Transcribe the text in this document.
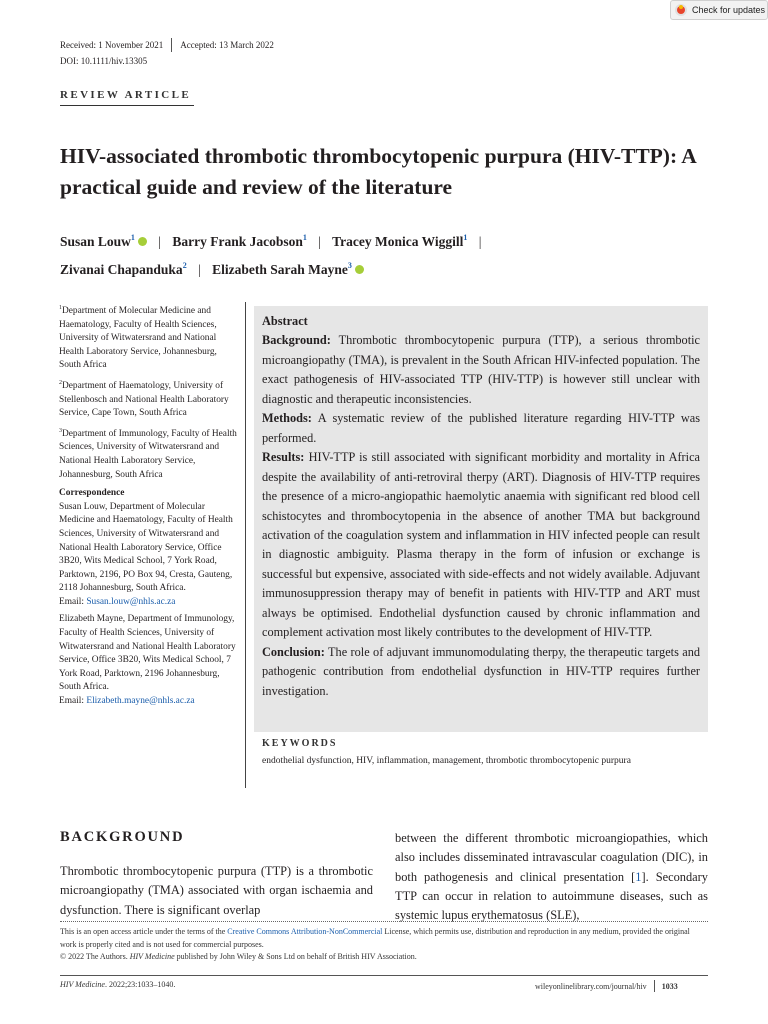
Check for updates
Received: 1 November 2021 Accepted: 13 March 2022
DOI: 10.1111/hiv.13305
REVIEW ARTICLE
HIV-associated thrombotic thrombocytopenic purpura (HIV-TTP): A practical guide and review of the literature
Susan Louw$^1$ | Barry Frank Jacobson$^1$ | Tracey Monica Wiggill$^1$ |
Zivanai Chapanduka$^2$ | Elizabeth Sarah Mayne$^3$
$^1$Department of Molecular Medicine and Haematology, Faculty of Health Sciences, University of Witwatersrand and National Health Laboratory Service, Johannesburg, South Africa
$^2$Department of Haematology, University of Stellenbosch and National Health Laboratory Service, Cape Town, South Africa
$^3$Department of Immunology, Faculty of Health Sciences, University of Witwatersrand and National Health Laboratory Service, Johannesburg, South Africa
Correspondence
Susan Louw, Department of Molecular Medicine and Haematology, Faculty of Health Sciences, University of Witwatersrand and National Health Laboratory Service, Office 3B20, Wits Medical School, 7 York Road, Parktown, 2196, PO Box 94, Cresta, Gauteng, 2118 Johannesburg, South Africa.
Email: Susan.louw@nhls.ac.za
Elizabeth Mayne, Department of Immunology, Faculty of Health Sciences, University of Witwatersrand and National Health Laboratory Service, Office 3B20, Wits Medical School, 7 York Road, Parktown, 2196 Johannesburg, South Africa.
Email: Elizabeth.mayne@nhls.ac.za
Abstract
Background: Thrombotic thrombocytopenic purpura (TTP), a serious thrombotic microangiopathy (TMA), is prevalent in the South African HIV-infected population. The exact pathogenesis of HIV-associated TTP (HIV-TTP) is however still unclear with diagnostic and therapeutic inconsistencies.
Methods: A systematic review of the published literature regarding HIV-TTP was performed.
Results: HIV-TTP is still associated with significant morbidity and mortality in Africa despite the availability of anti-retroviral therpy (ART). Diagnosis of HIV-TTP requires the presence of a micro-angiopathic haemolytic anaemia with significant red blood cell schistocytes and thrombocytopenia in the absence of another TMA but background activation of the coagulation system and inflammation in HIV infected people can result in diagnostic ambiguity. Plasma therapy in the form of infusion or exchange is successful but expensive, associated with side-effects and not widely available. Adjuvant immunosuppression therapy may of benefit in patients with HIV-TTP and ART must always be optimised. Endothelial dysfunction caused by chronic inflammation and complement activation most likely contributes to the development of HIV-TTP.
Conclusion: The role of adjuvant immunomodulating therpy, the therapeutic targets and pathogenic contribution from endothelial dysfunction in HIV-TTP requires further investigation.
KEYWORDS
endothelial dysfunction, HIV, inflammation, management, thrombotic thrombocytopenic purpura
BACKGROUND
Thrombotic thrombocytopenic purpura (TTP) is a thrombotic microangiopathy (TMA) associated with organ ischaemia and dysfunction. There is significant overlap
between the different thrombotic microangiopathies, which also includes disseminated intravascular coagulation (DIC), in both pathogenesis and clinical presentation [1]. Secondary TTP can occur in relation to autoimmune diseases, such as systemic lupus erythematosus (SLE),
This is an open access article under the terms of the Creative Commons Attribution-NonCommercial License, which permits use, distribution and reproduction in any medium, provided the original work is properly cited and is not used for commercial purposes.
© 2022 The Authors. HIV Medicine published by John Wiley & Sons Ltd on behalf of British HIV Association.
HIV Medicine. 2022;23:1033–1040.	wileyonlinelibrary.com/journal/hiv 1033
